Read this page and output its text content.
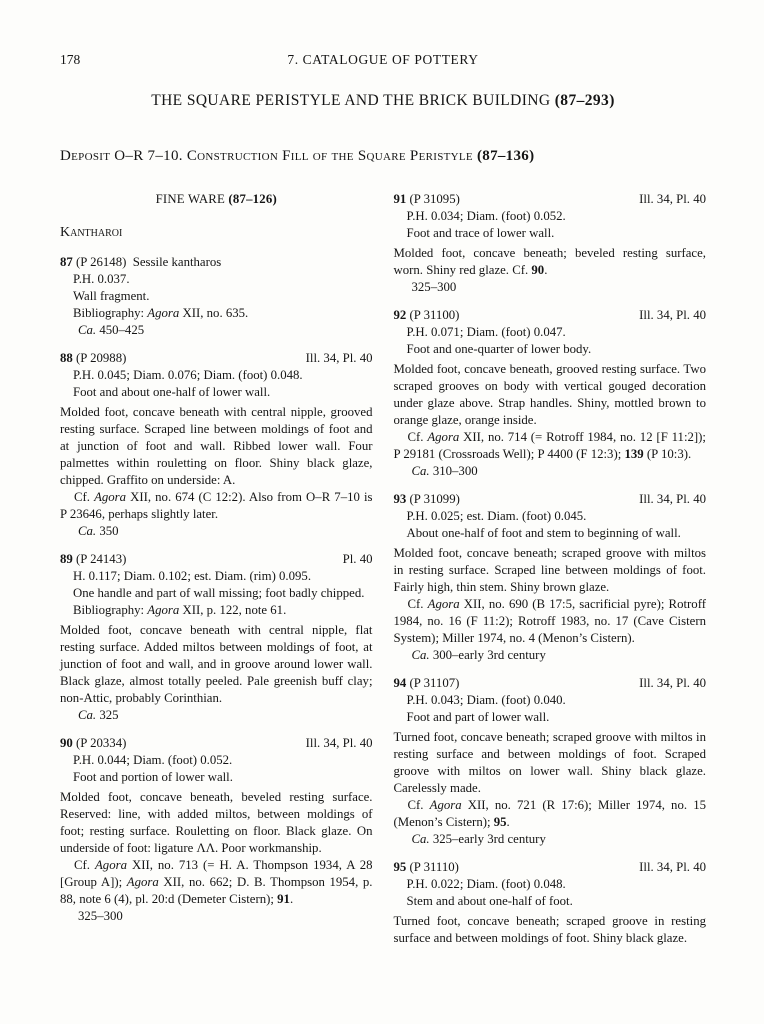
178	7. CATALOGUE OF POTTERY
THE SQUARE PERISTYLE AND THE BRICK BUILDING (87–293)
Deposit O–R 7–10. Construction Fill of the Square Peristyle (87–136)
FINE WARE (87–126)
Kantharoi
87 (P 26148) Sessile kantharos
P.H. 0.037.
Wall fragment.
Bibliography: Agora XII, no. 635.
Ca. 450–425
88 (P 20988)	Ill. 34, Pl. 40
P.H. 0.045; Diam. 0.076; Diam. (foot) 0.048.
Foot and about one-half of lower wall.
Molded foot, concave beneath with central nipple, grooved resting surface. Scraped line between moldings of foot and at junction of foot and wall. Ribbed lower wall. Four palmettes within rouletting on floor. Shiny black glaze, chipped. Graffito on underside: A.
Cf. Agora XII, no. 674 (C 12:2). Also from O–R 7–10 is P 23646, perhaps slightly later.
Ca. 350
89 (P 24143)	Pl. 40
H. 0.117; Diam. 0.102; est. Diam. (rim) 0.095.
One handle and part of wall missing; foot badly chipped.
Bibliography: Agora XII, p. 122, note 61.
Molded foot, concave beneath with central nipple, flat resting surface. Added miltos between moldings of foot, at junction of foot and wall, and in groove around lower wall. Black glaze, almost totally peeled. Pale greenish buff clay; non-Attic, probably Corinthian.
Ca. 325
90 (P 20334)	Ill. 34, Pl. 40
P.H. 0.044; Diam. (foot) 0.052.
Foot and portion of lower wall.
Molded foot, concave beneath, beveled resting surface. Reserved: line, with added miltos, between moldings of foot; resting surface. Rouletting on floor. Black glaze. On underside of foot: ligature ΛΛ. Poor workmanship.
Cf. Agora XII, no. 713 (= H. A. Thompson 1934, A 28 [Group A]); Agora XII, no. 662; D. B. Thompson 1954, p. 88, note 6 (4), pl. 20:d (Demeter Cistern); 91.
325–300
91 (P 31095)	Ill. 34, Pl. 40
P.H. 0.034; Diam. (foot) 0.052.
Foot and trace of lower wall.
Molded foot, concave beneath; beveled resting surface, worn. Shiny red glaze. Cf. 90.
325–300
92 (P 31100)	Ill. 34, Pl. 40
P.H. 0.071; Diam. (foot) 0.047.
Foot and one-quarter of lower body.
Molded foot, concave beneath, grooved resting surface. Two scraped grooves on body with vertical gouged decoration under glaze above. Strap handles. Shiny, mottled brown to orange glaze, orange inside.
Cf. Agora XII, no. 714 (= Rotroff 1984, no. 12 [F 11:2]); P 29181 (Crossroads Well); P 4400 (F 12:3); 139 (P 10:3).
Ca. 310–300
93 (P 31099)	Ill. 34, Pl. 40
P.H. 0.025; est. Diam. (foot) 0.045.
About one-half of foot and stem to beginning of wall.
Molded foot, concave beneath; scraped groove with miltos in resting surface. Scraped line between moldings of foot. Fairly high, thin stem. Shiny brown glaze.
Cf. Agora XII, no. 690 (B 17:5, sacrificial pyre); Rotroff 1984, no. 16 (F 11:2); Rotroff 1983, no. 17 (Cave Cistern System); Miller 1974, no. 4 (Menon’s Cistern).
Ca. 300–early 3rd century
94 (P 31107)	Ill. 34, Pl. 40
P.H. 0.043; Diam. (foot) 0.040.
Foot and part of lower wall.
Turned foot, concave beneath; scraped groove with miltos in resting surface and between moldings of foot. Scraped groove with miltos on lower wall. Shiny black glaze. Carelessly made.
Cf. Agora XII, no. 721 (R 17:6); Miller 1974, no. 15 (Menon’s Cistern); 95.
Ca. 325–early 3rd century
95 (P 31110)	Ill. 34, Pl. 40
P.H. 0.022; Diam. (foot) 0.048.
Stem and about one-half of foot.
Turned foot, concave beneath; scraped groove in resting surface and between moldings of foot. Shiny black glaze.
